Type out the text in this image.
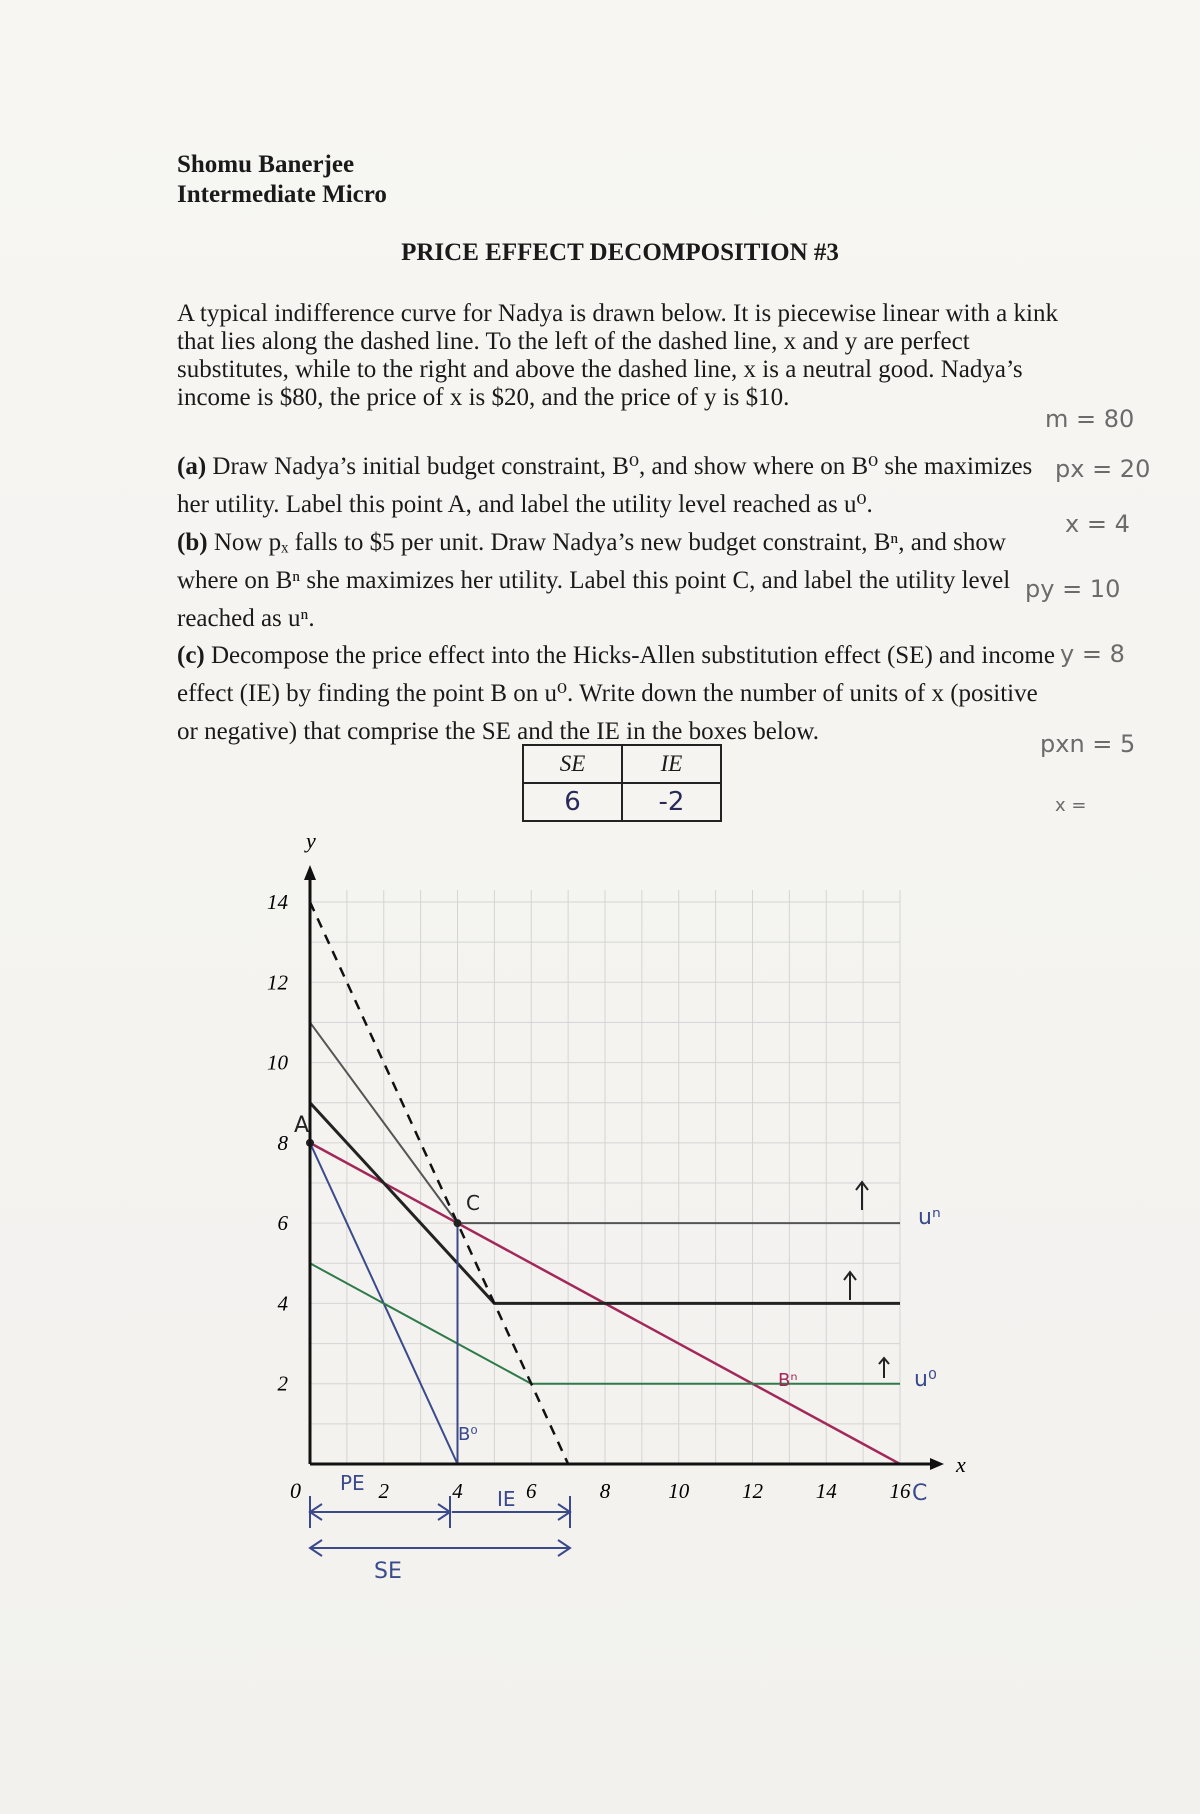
Shomu Banerjee
Intermediate Micro
PRICE EFFECT DECOMPOSITION #3
A typical indifference curve for Nadya is drawn below. It is piecewise linear with a kink that lies along the dashed line. To the left of the dashed line, x and y are perfect substitutes, while to the right and above the dashed line, x is a neutral good. Nadya’s income is $80, the price of x is $20, and the price of y is $10.
(a) Draw Nadya’s initial budget constraint, B⁰, and show where on B⁰ she maximizes her utility. Label this point A, and label the utility level reached as u⁰.
(b) Now pₓ falls to $5 per unit. Draw Nadya’s new budget constraint, Bⁿ, and show where on Bⁿ she maximizes her utility. Label this point C, and label the utility level reached as uⁿ.
(c) Decompose the price effect into the Hicks-Allen substitution effect (SE) and income effect (IE) by finding the point B on u⁰. Write down the number of units of x (positive or negative) that comprise the SE and the IE in the boxes below.
m = 80
px = 20
x = 4
py = 10
y = 8
pxn = 5
x =
SE	IE
6	-2
x
y
0	2	4	6	8	10	12	14	16
2
4
6
8
10
12
14
A
C
C
uⁿ
u⁰
B⁰
Bⁿ
PE
IE
SE
